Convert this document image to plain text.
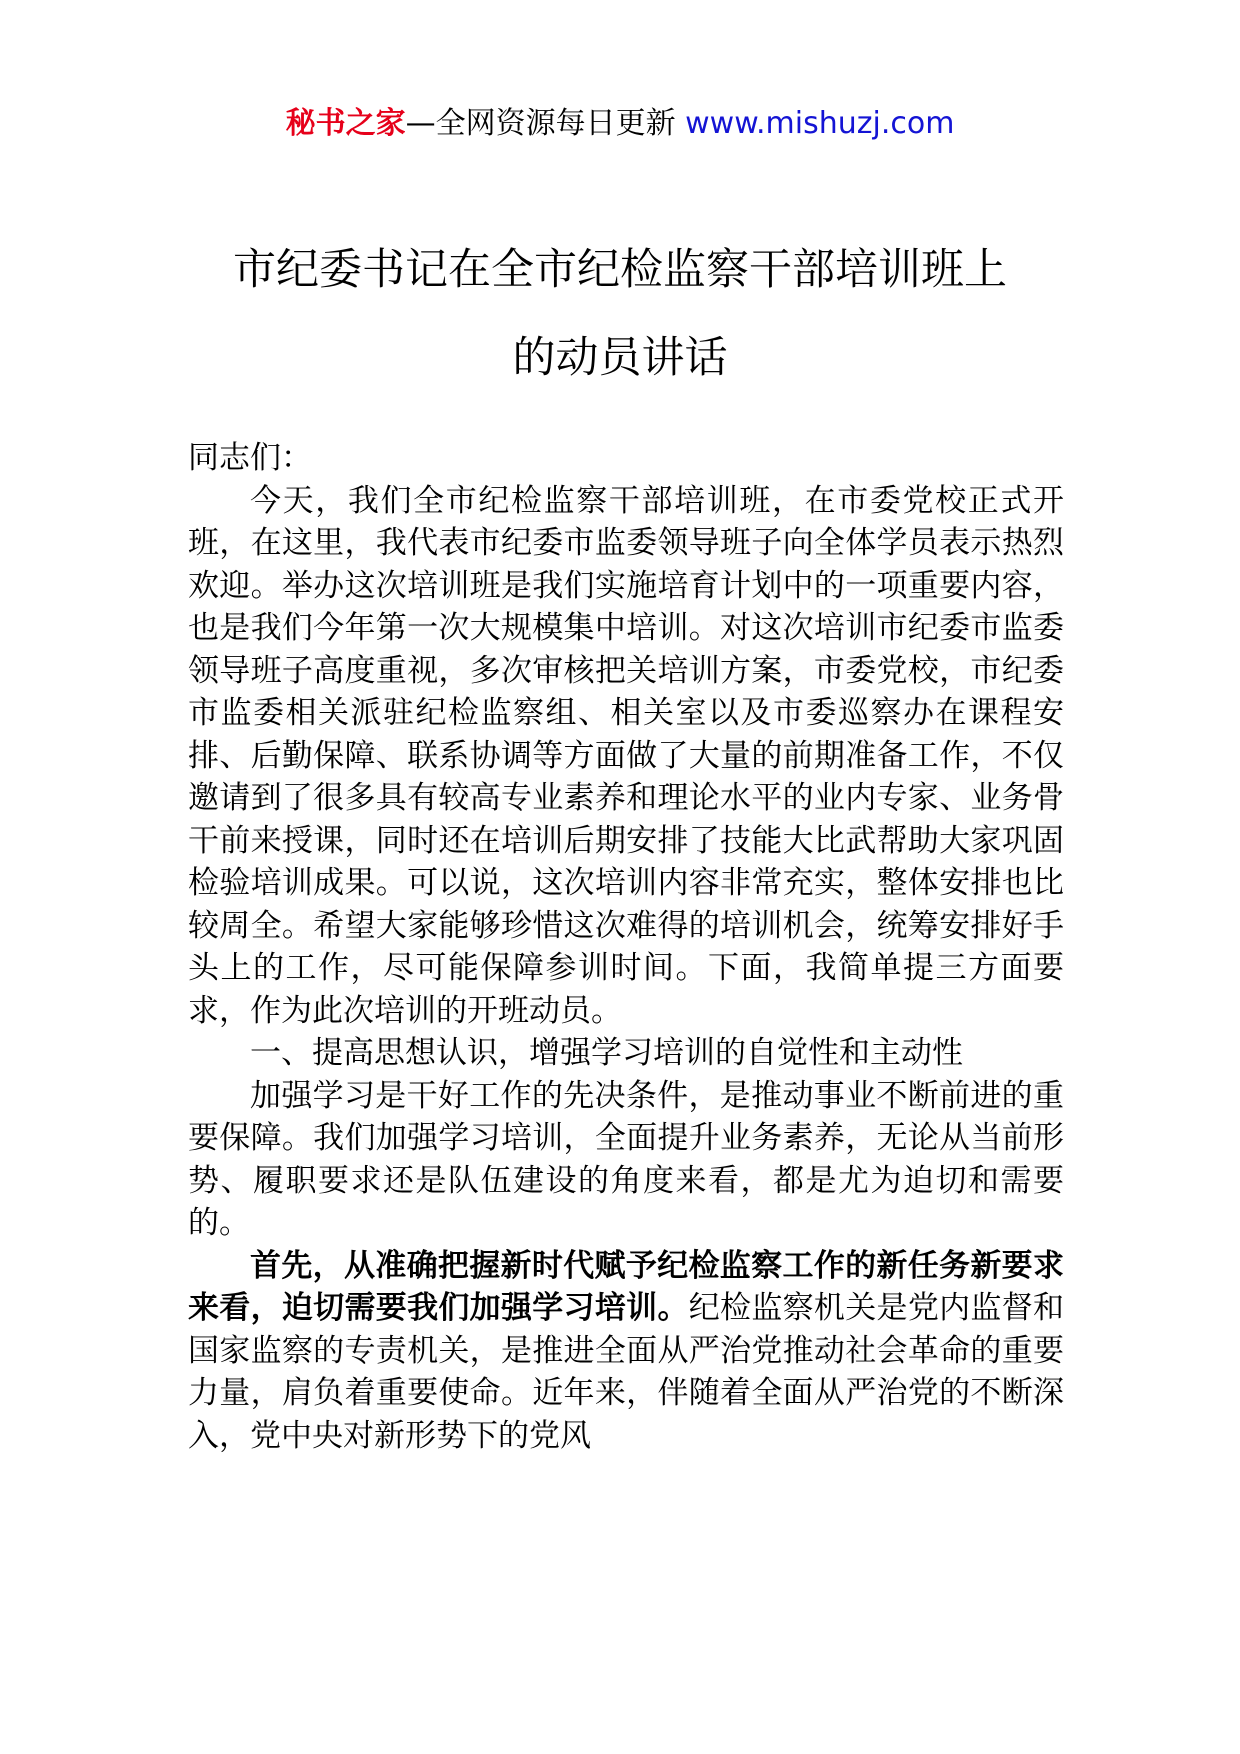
秘书之家—全网资源每日更新 www.mishuzj.com
市纪委书记在全市纪检监察干部培训班上
的动员讲话

同志们：

今天，我们全市纪检监察干部培训班，在市委党校正式开班，在这里，我代表市纪委市监委领导班子向全体学员表示热烈欢迎。举办这次培训班是我们实施培育计划中的一项重要内容，也是我们今年第一次大规模集中培训。对这次培训市纪委市监委领导班子高度重视，多次审核把关培训方案，市委党校，市纪委市监委相关派驻纪检监察组、相关室以及市委巡察办在课程安排、后勤保障、联系协调等方面做了大量的前期准备工作，不仅邀请到了很多具有较高专业素养和理论水平的业内专家、业务骨干前来授课，同时还在培训后期安排了技能大比武帮助大家巩固检验培训成果。可以说，这次培训内容非常充实，整体安排也比较周全。希望大家能够珍惜这次难得的培训机会，统筹安排好手头上的工作，尽可能保障参训时间。下面，我简单提三方面要求，作为此次培训的开班动员。

一、提高思想认识，增强学习培训的自觉性和主动性

加强学习是干好工作的先决条件，是推动事业不断前进的重要保障。我们加强学习培训，全面提升业务素养，无论从当前形势、履职要求还是队伍建设的角度来看，都是尤为迫切和需要的。

首先，从准确把握新时代赋予纪检监察工作的新任务新要求来看，迫切需要我们加强学习培训。纪检监察机关是党内监督和国家监察的专责机关，是推进全面从严治党推动社会革命的重要力量，肩负着重要使命。近年来，伴随着全面从严治党的不断深入，党中央对新形势下的党风
